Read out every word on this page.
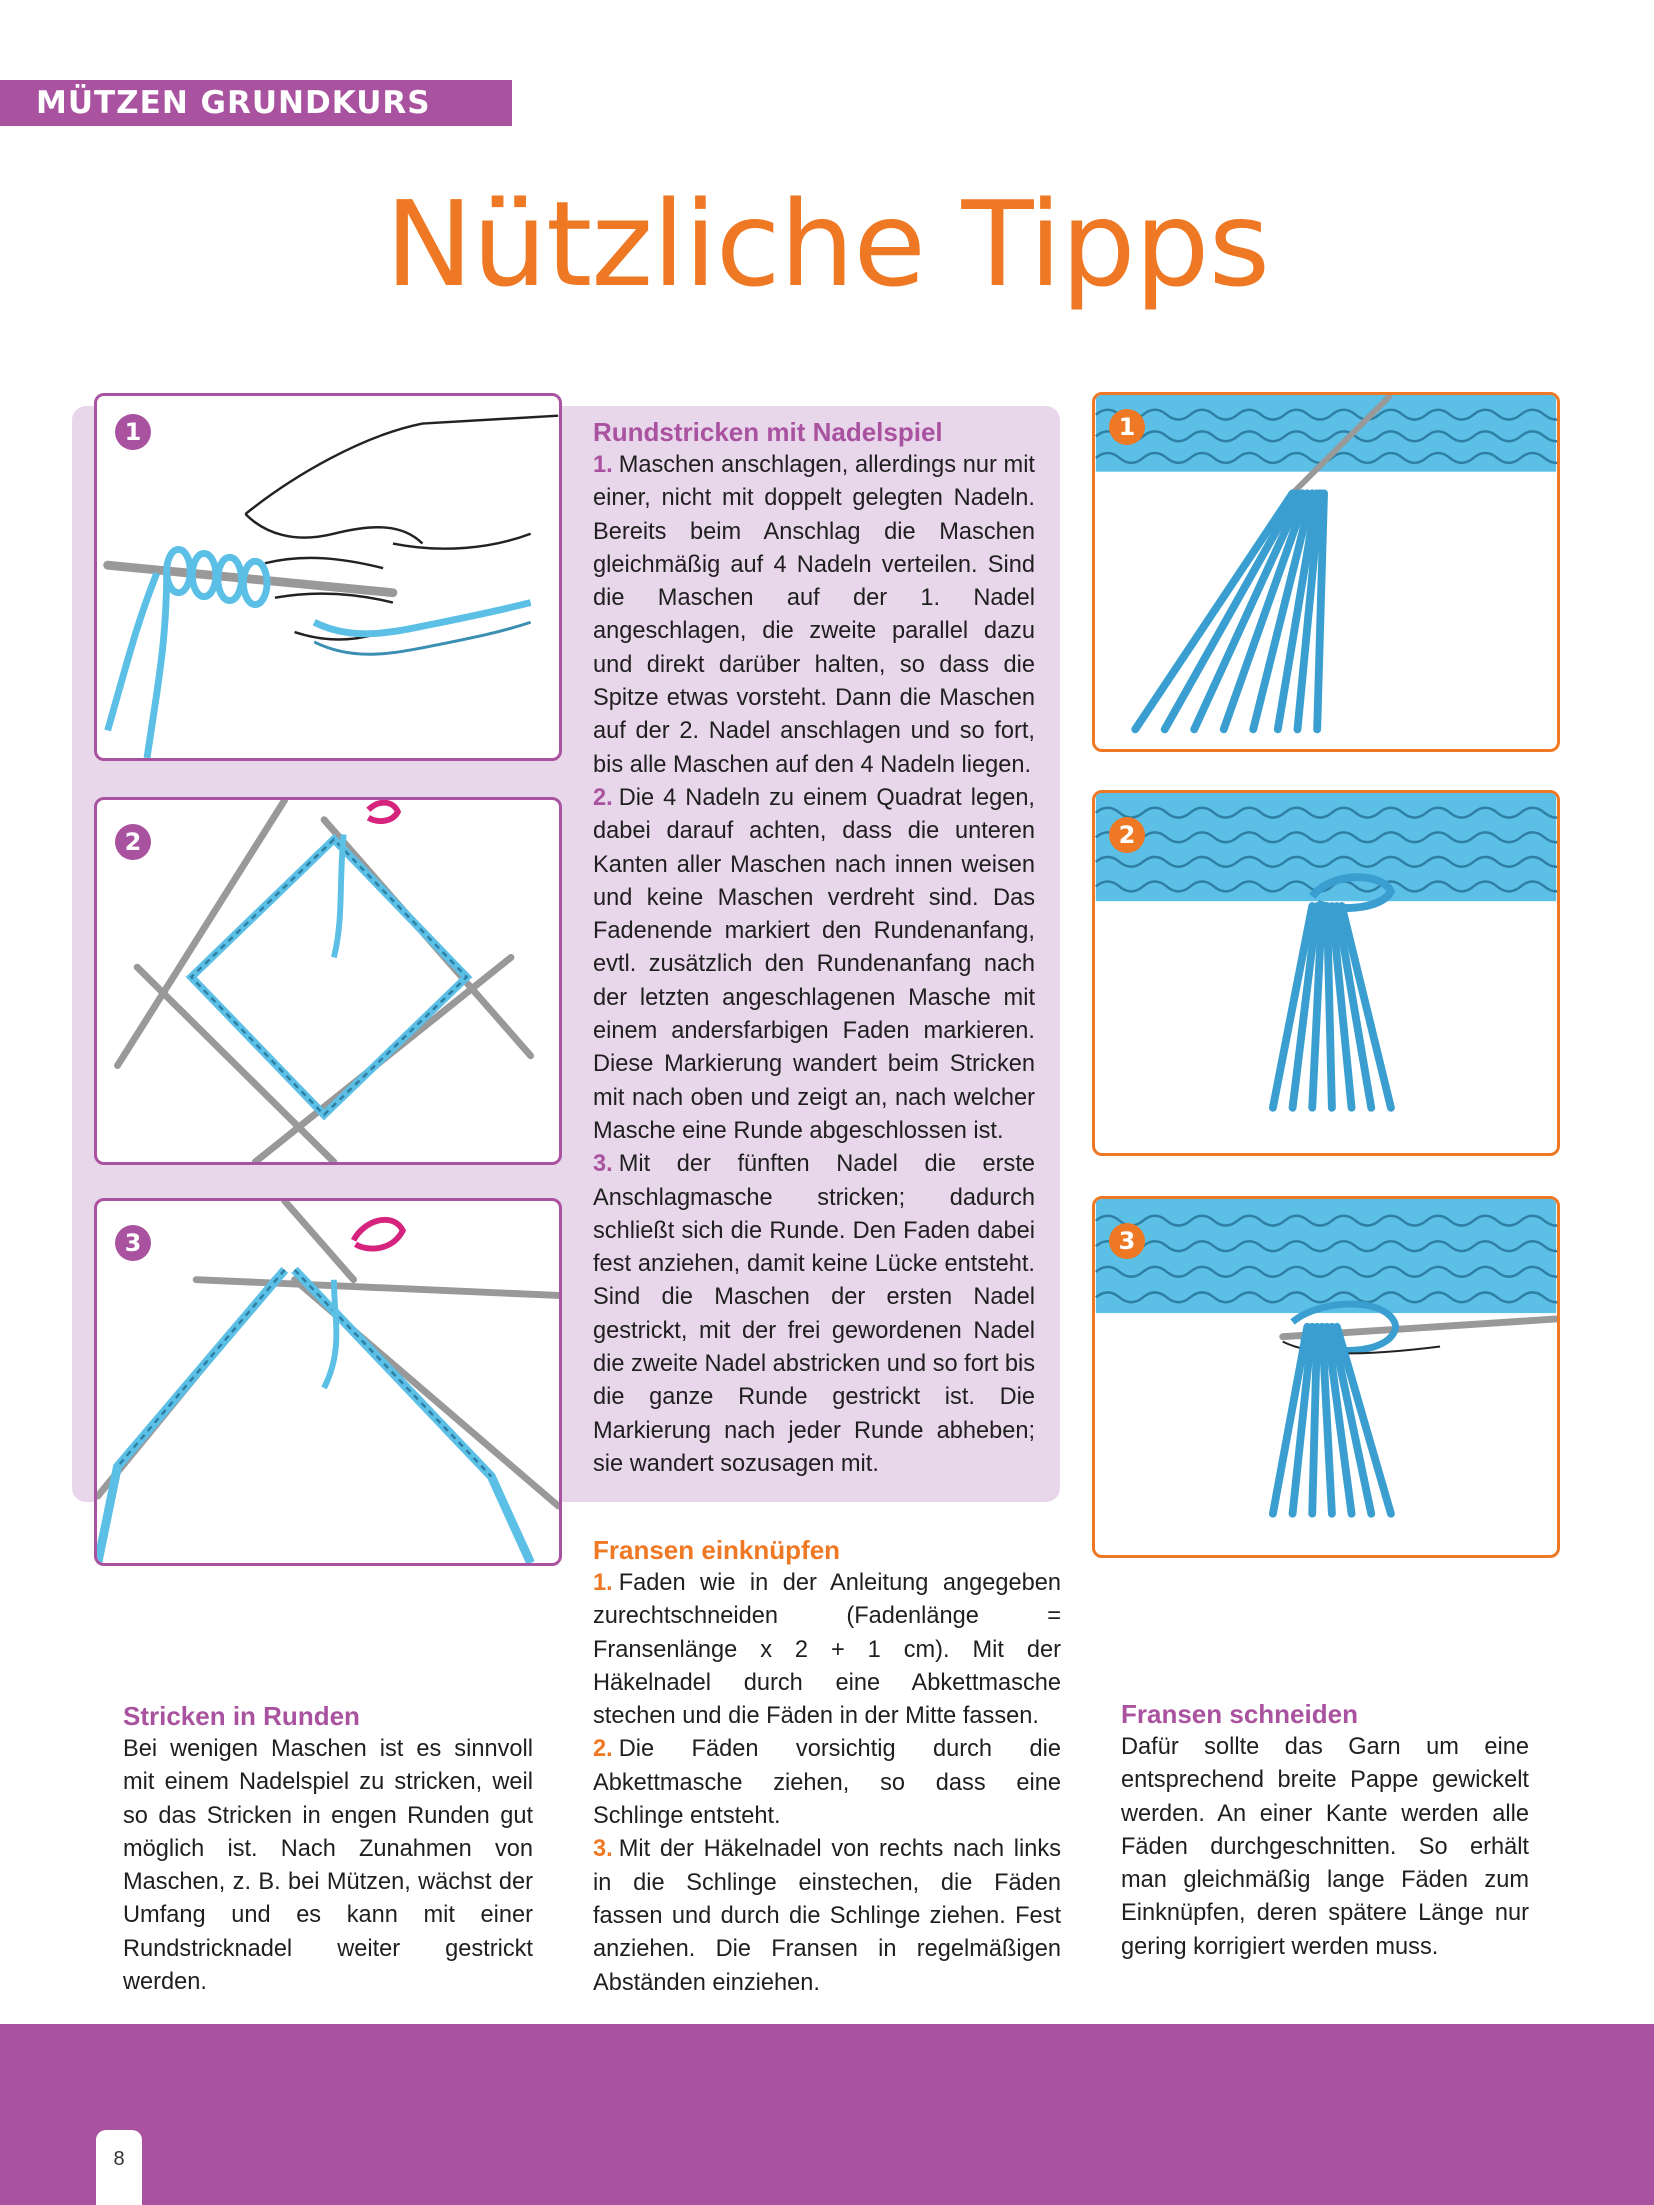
MÜTZEN GRUNDKURS
Nützliche Tipps
1
2
3
1
2
3
Rundstricken mit Nadelspiel
1. Maschen anschlagen, allerdings nur mit einer, nicht mit doppelt gelegten Nadeln. Bereits beim Anschlag die Maschen gleichmäßig auf 4 Nadeln verteilen. Sind die Maschen auf der 1. Nadel angeschlagen, die zweite parallel dazu und direkt darüber halten, so dass die Spitze etwas vorsteht. Dann die Maschen auf der 2. Nadel anschlagen und so fort, bis alle Maschen auf den 4 Nadeln liegen.
2. Die 4 Nadeln zu einem Quadrat legen, dabei darauf achten, dass die unteren Kanten aller Maschen nach innen weisen und keine Maschen verdreht sind. Das Fadenende markiert den Rundenanfang, evtl. zusätzlich den Rundenanfang nach der letzten angeschlagenen Masche mit einem andersfarbigen Faden markieren. Diese Markierung wandert beim Stricken mit nach oben und zeigt an, nach welcher Masche eine Runde abgeschlossen ist.
3. Mit der fünften Nadel die erste Anschlagmasche stricken; dadurch schließt sich die Runde. Den Faden dabei fest anziehen, damit keine Lücke entsteht. Sind die Maschen der ersten Nadel gestrickt, mit der frei gewordenen Nadel die zweite Nadel abstricken und so fort bis die ganze Runde gestrickt ist. Die Markierung nach jeder Runde abheben; sie wandert sozusagen mit.
Fransen einknüpfen
1. Faden wie in der Anleitung angegeben zurechtschneiden (Fadenlänge = Fransenlänge x 2 + 1 cm). Mit der Häkelnadel durch eine Abkettmasche stechen und die Fäden in der Mitte fassen.
2. Die Fäden vorsichtig durch die Abkettmasche ziehen, so dass eine Schlinge entsteht.
3. Mit der Häkelnadel von rechts nach links in die Schlinge einstechen, die Fäden fassen und durch die Schlinge ziehen. Fest anziehen. Die Fransen in regelmäßigen Abständen einziehen.
Stricken in Runden
Bei wenigen Maschen ist es sinnvoll mit einem Nadelspiel zu stricken, weil so das Stricken in engen Runden gut möglich ist. Nach Zunahmen von Maschen, z. B. bei Mützen, wächst der Umfang und es kann mit einer Rundstricknadel weiter gestrickt werden.
Fransen schneiden
Dafür sollte das Garn um eine entsprechend breite Pappe gewickelt werden. An einer Kante werden alle Fäden durchgeschnitten. So erhält man gleichmäßig lange Fäden zum Einknüpfen, deren spätere Länge nur gering korrigiert werden muss.
8
